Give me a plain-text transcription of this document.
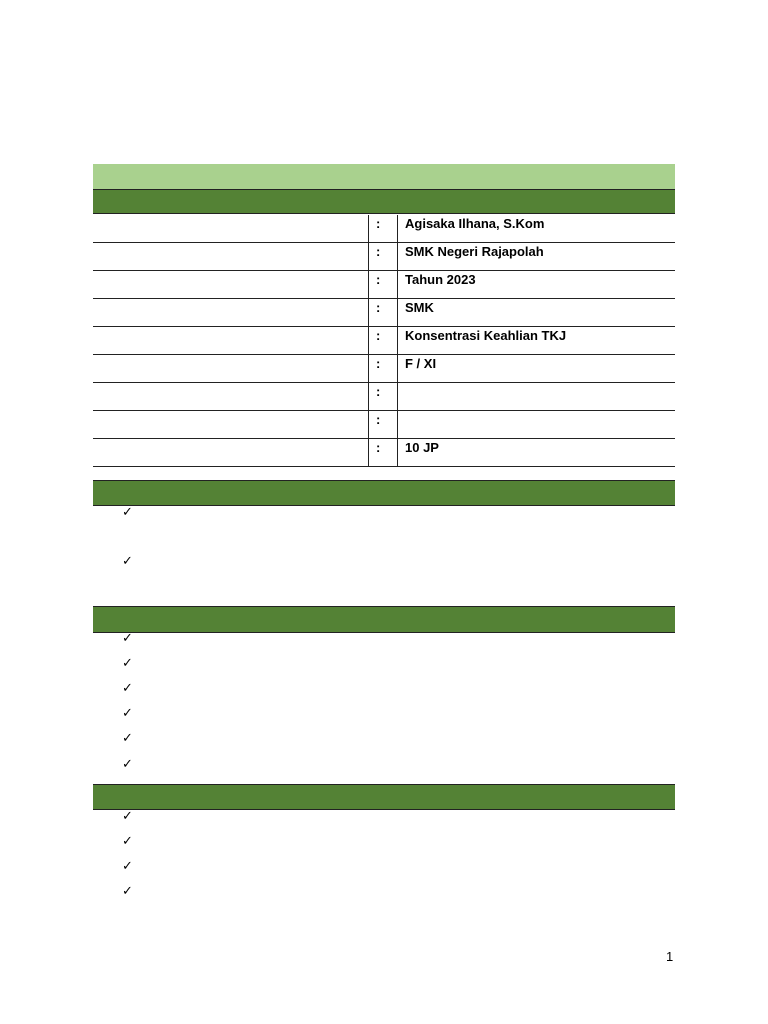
	:	Agisaka Ilhana, S.Kom
	:	SMK Negeri Rajapolah
	:	Tahun 2023
	:	SMK
	:	Konsentrasi Keahlian TKJ
	:	F / XI
	:	
	:	
	:	10 JP
✓
✓
✓
✓
✓
✓
✓
✓
✓
✓
✓
✓
1
